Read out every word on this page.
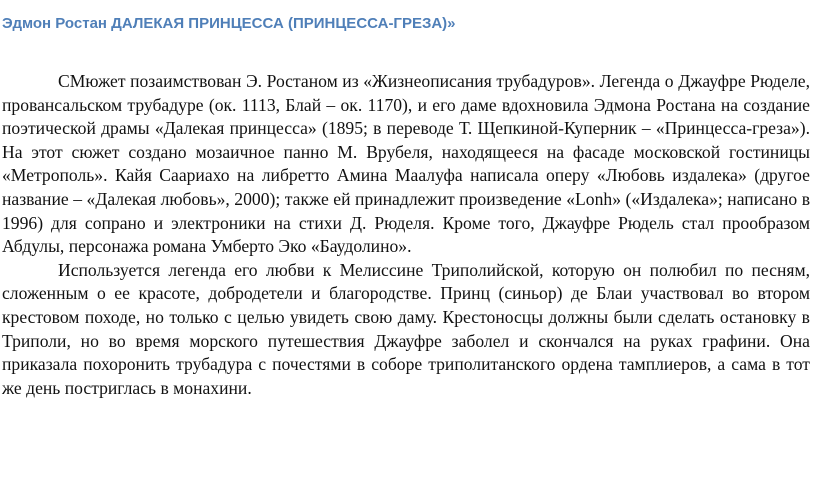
Эдмон Ростан ДАЛЕКАЯ ПРИНЦЕССА (ПРИНЦЕССА-ГРЕЗА)»

СМюжет позаимствован Э. Ростаном из «Жизнеописания трубадуров». Легенда о Джауфре Рюделе, провансальском трубадуре (ок. 1113, Блай – ок. 1170), и его даме вдохновила Эдмона Ростана на создание поэтической драмы «Далекая принцесса» (1895; в переводе Т. Щепкиной-Куперник – «Принцесса-греза»). На этот сюжет создано мозаичное панно М. Врубеля, находящееся на фасаде московской гостиницы «Метрополь». Кайя Саариахо на либретто Амина Маалуфа написала оперу «Любовь издалека» (другое название – «Далекая любовь», 2000); также ей принадлежит произведение «Lonh» («Издалека»; написано в 1996) для сопрано и электроники на стихи Д. Рюделя. Кроме того, Джауфре Рюдель стал прообразом Абдулы, персонажа романа Умберто Эко «Баудолино».

Используется легенда его любви к Мелиссине Триполийской, которую он полюбил по песням, сложенным о ее красоте, добродетели и благородстве. Принц (синьор) де Блаи участвовал во втором крестовом походе, но только с целью увидеть свою даму. Крестоносцы должны были сделать остановку в Триполи, но во время морского путешествия Джауфре заболел и скончался на руках графини. Она приказала похоронить трубадура с почестями в соборе триполитанского ордена тамплиеров, а сама в тот же день постриглась в монахини.
